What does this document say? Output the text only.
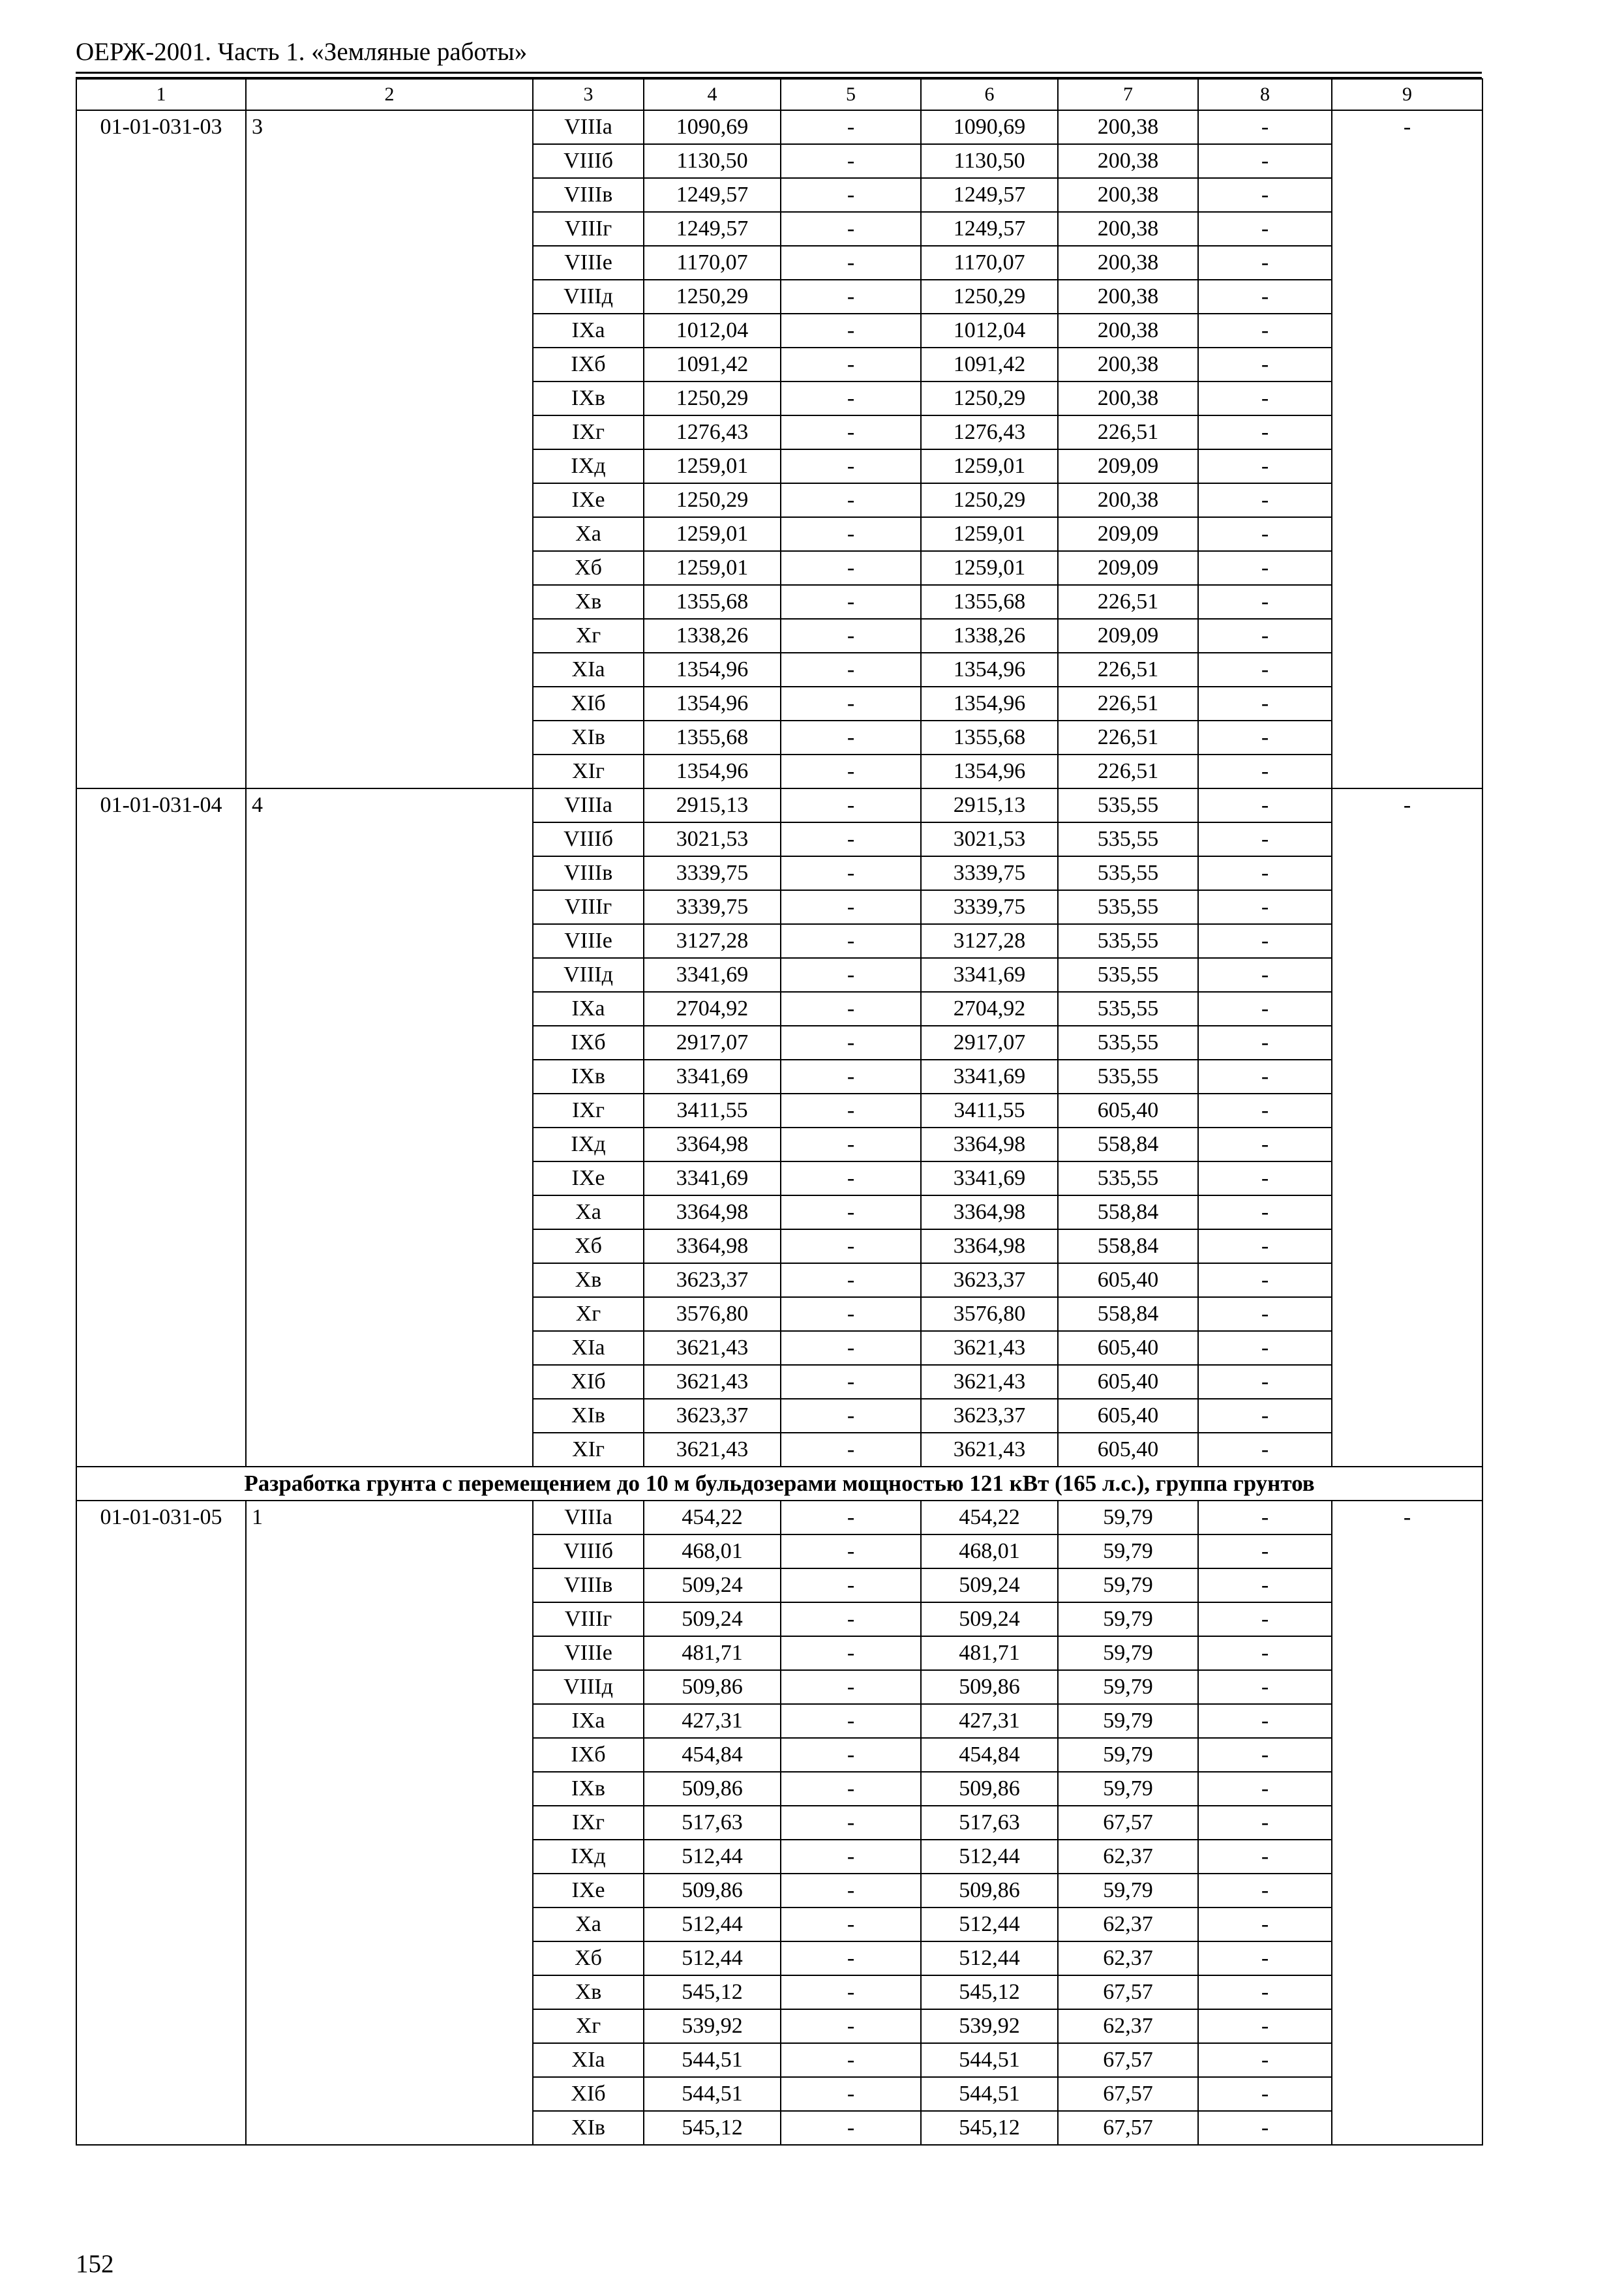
ОЕРЖ-2001. Часть 1. «Земляные работы»
1	2	3	4	5	6	7	8	9
01-01-031-03	3	VIIIа	1090,69	-	1090,69	200,38	-	-
		VIIIб	1130,50	-	1130,50	200,38	-	
		VIIIв	1249,57	-	1249,57	200,38	-	
		VIIIг	1249,57	-	1249,57	200,38	-	
		VIIIе	1170,07	-	1170,07	200,38	-	
		VIIIд	1250,29	-	1250,29	200,38	-	
		IXа	1012,04	-	1012,04	200,38	-	
		IXб	1091,42	-	1091,42	200,38	-	
		IXв	1250,29	-	1250,29	200,38	-	
		IXг	1276,43	-	1276,43	226,51	-	
		IXд	1259,01	-	1259,01	209,09	-	
		IXе	1250,29	-	1250,29	200,38	-	
		Xа	1259,01	-	1259,01	209,09	-	
		Xб	1259,01	-	1259,01	209,09	-	
		Xв	1355,68	-	1355,68	226,51	-	
		Xг	1338,26	-	1338,26	209,09	-	
		XIа	1354,96	-	1354,96	226,51	-	
		XIб	1354,96	-	1354,96	226,51	-	
		XIв	1355,68	-	1355,68	226,51	-	
		XIг	1354,96	-	1354,96	226,51	-	
01-01-031-04	4	VIIIа	2915,13	-	2915,13	535,55	-	-
		VIIIб	3021,53	-	3021,53	535,55	-	
		VIIIв	3339,75	-	3339,75	535,55	-	
		VIIIг	3339,75	-	3339,75	535,55	-	
		VIIIе	3127,28	-	3127,28	535,55	-	
		VIIIд	3341,69	-	3341,69	535,55	-	
		IXа	2704,92	-	2704,92	535,55	-	
		IXб	2917,07	-	2917,07	535,55	-	
		IXв	3341,69	-	3341,69	535,55	-	
		IXг	3411,55	-	3411,55	605,40	-	
		IXд	3364,98	-	3364,98	558,84	-	
		IXе	3341,69	-	3341,69	535,55	-	
		Xа	3364,98	-	3364,98	558,84	-	
		Xб	3364,98	-	3364,98	558,84	-	
		Xв	3623,37	-	3623,37	605,40	-	
		Xг	3576,80	-	3576,80	558,84	-	
		XIа	3621,43	-	3621,43	605,40	-	
		XIб	3621,43	-	3621,43	605,40	-	
		XIв	3623,37	-	3623,37	605,40	-	
		XIг	3621,43	-	3621,43	605,40	-	
Разработка грунта с перемещением до 10 м бульдозерами мощностью 121 кВт (165 л.с.), группа грунтов								
01-01-031-05	1	VIIIа	454,22	-	454,22	59,79	-	-
		VIIIб	468,01	-	468,01	59,79	-	
		VIIIв	509,24	-	509,24	59,79	-	
		VIIIг	509,24	-	509,24	59,79	-	
		VIIIе	481,71	-	481,71	59,79	-	
		VIIIд	509,86	-	509,86	59,79	-	
		IXа	427,31	-	427,31	59,79	-	
		IXб	454,84	-	454,84	59,79	-	
		IXв	509,86	-	509,86	59,79	-	
		IXг	517,63	-	517,63	67,57	-	
		IXд	512,44	-	512,44	62,37	-	
		IXе	509,86	-	509,86	59,79	-	
		Xа	512,44	-	512,44	62,37	-	
		Xб	512,44	-	512,44	62,37	-	
		Xв	545,12	-	545,12	67,57	-	
		Xг	539,92	-	539,92	62,37	-	
		XIа	544,51	-	544,51	67,57	-	
		XIб	544,51	-	544,51	67,57	-	
		XIв	545,12	-	545,12	67,57	-	
152
